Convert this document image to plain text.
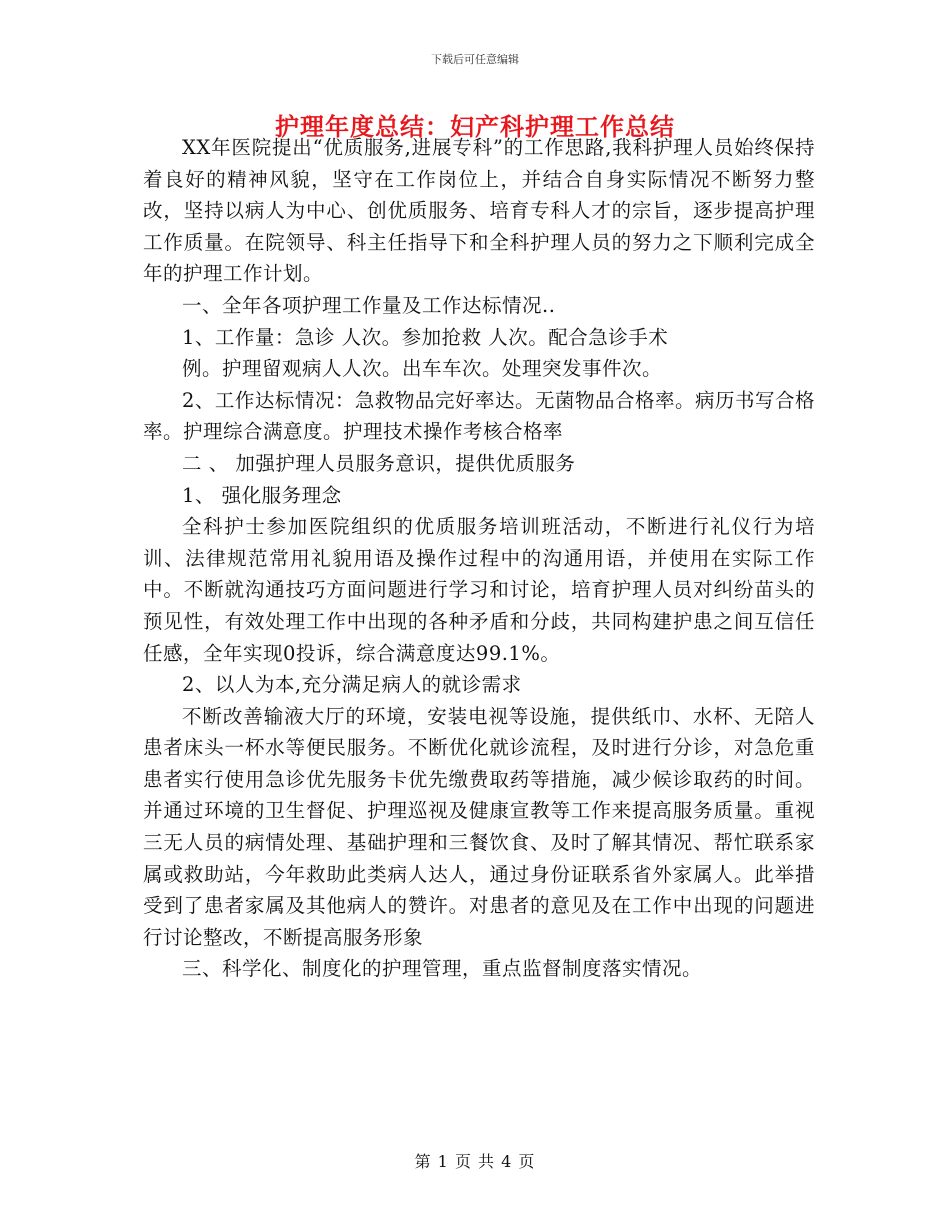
下载后可任意编辑
护理年度总结：妇产科护理工作总结

XX年医院提出“优质服务,进展专科”的工作思路,我科护理人员始终保持着良好的精神风貌，坚守在工作岗位上，并结合自身实际情况不断努力整改，坚持以病人为中心、创优质服务、培育专科人才的宗旨，逐步提高护理工作质量。在院领导、科主任指导下和全科护理人员的努力之下顺利完成全年的护理工作计划。

一、全年各项护理工作量及工作达标情况..

1、工作量：急诊 人次。参加抢救 人次。配合急诊手术

例。护理留观病人人次。出车车次。处理突发事件次。

2、工作达标情况：急救物品完好率达。无菌物品合格率。病历书写合格率。护理综合满意度。护理技术操作考核合格率

二 、 加强护理人员服务意识，提供优质服务

1、 强化服务理念

全科护士参加医院组织的优质服务培训班活动，不断进行礼仪行为培训、法律规范常用礼貌用语及操作过程中的沟通用语，并使用在实际工作中。不断就沟通技巧方面问题进行学习和讨论，培育护理人员对纠纷苗头的预见性，有效处理工作中出现的各种矛盾和分歧，共同构建护患之间互信任任感，全年实现0投诉，综合满意度达99.1%。

2、以人为本,充分满足病人的就诊需求

不断改善输液大厅的环境，安装电视等设施，提供纸巾、水杯、无陪人患者床头一杯水等便民服务。不断优化就诊流程，及时进行分诊，对急危重患者实行使用急诊优先服务卡优先缴费取药等措施，减少候诊取药的时间。并通过环境的卫生督促、护理巡视及健康宣教等工作来提高服务质量。重视三无人员的病情处理、基础护理和三餐饮食、及时了解其情况、帮忙联系家属或救助站，今年救助此类病人达人，通过身份证联系省外家属人。此举措受到了患者家属及其他病人的赞许。对患者的意见及在工作中出现的问题进行讨论整改，不断提高服务形象

三、科学化、制度化的护理管理，重点监督制度落实情况。

第 1 页 共 4 页
